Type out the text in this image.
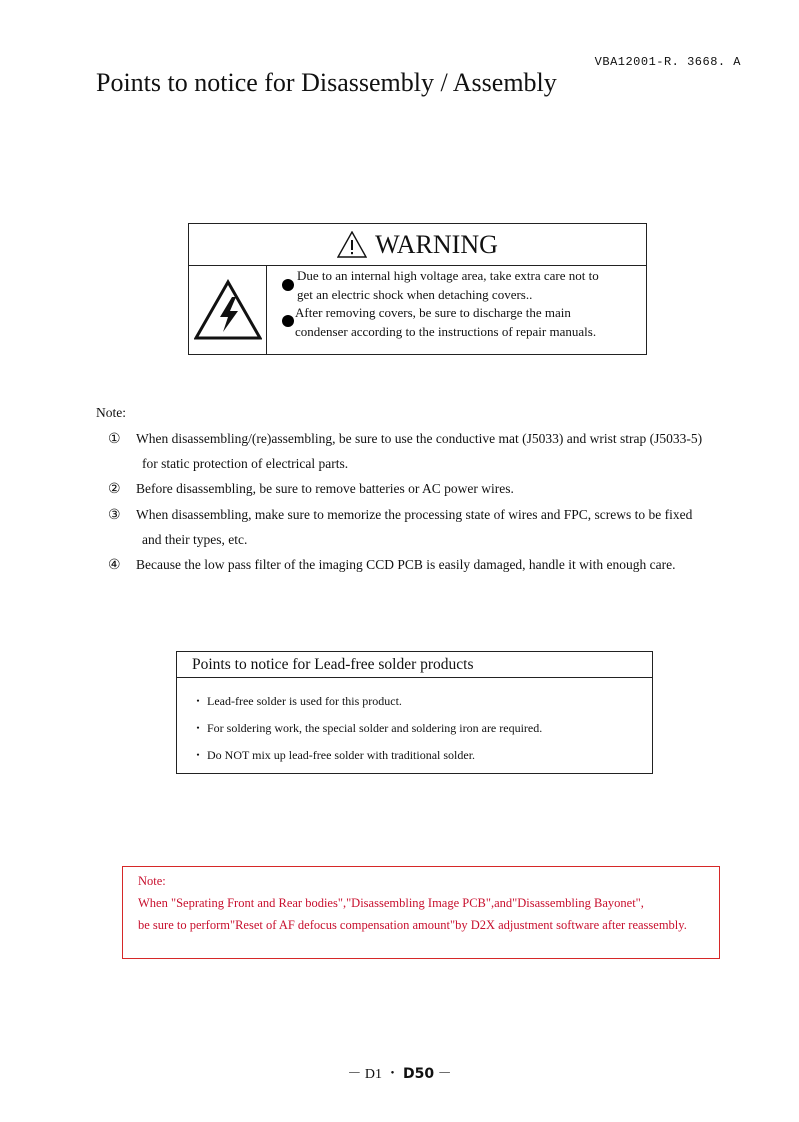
VBA12001-R. 3668. A
Points to notice for Disassembly / Assembly
WARNING
Due to an internal high voltage area, take extra care not to
get an electric shock when detaching covers..
After removing covers, be sure to discharge the main
condenser according to the instructions of repair manuals.
Note:
① When disassembling/(re)assembling, be sure to use the conductive mat (J5033) and wrist strap (J5033-5)
for static protection of electrical parts.
② Before disassembling, be sure to remove batteries or AC power wires.
③ When disassembling, make sure to memorize the processing state of wires and FPC, screws to be fixed
and their types, etc.
④ Because the low pass filter of the imaging CCD PCB is easily damaged, handle it with enough care.
Points to notice for Lead-free solder products
・ Lead-free solder is used for this product.
・ For soldering work, the special solder and soldering iron are required.
・ Do NOT mix up lead-free solder with traditional solder.
Note:
When "Seprating Front and Rear bodies","Disassembling Image PCB",and"Disassembling Bayonet",
be sure to perform"Reset of AF defocus compensation amount"by D2X adjustment software after reassembly.
－ D1 ・ D50 －
